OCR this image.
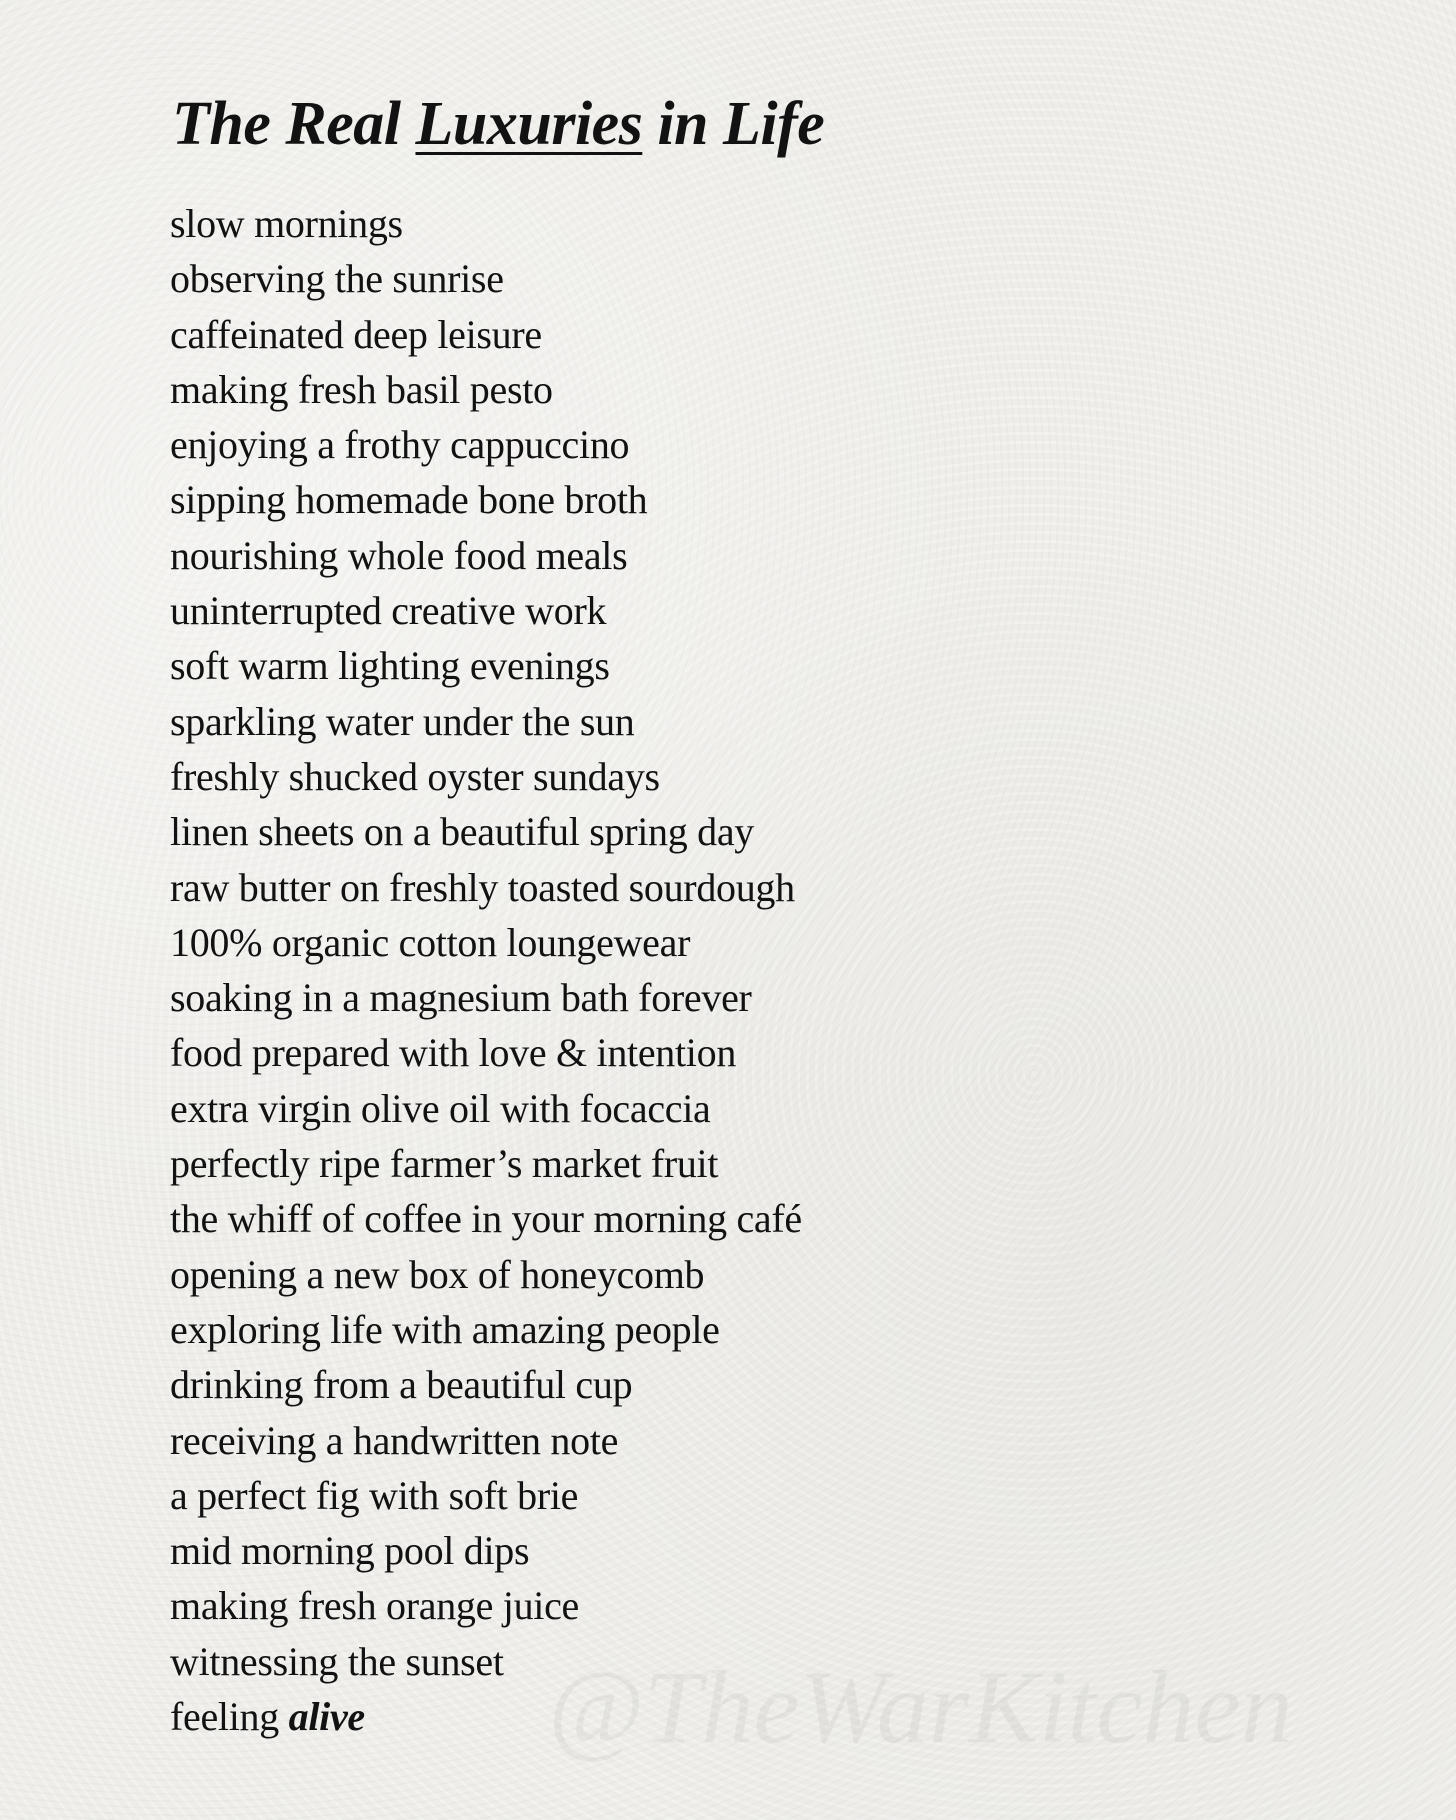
The Real Luxuries in Life
slow mornings
observing the sunrise
caffeinated deep leisure
making fresh basil pesto
enjoying a frothy cappuccino
sipping homemade bone broth
nourishing whole food meals
uninterrupted creative work
soft warm lighting evenings
sparkling water under the sun
freshly shucked oyster sundays
linen sheets on a beautiful spring day
raw butter on freshly toasted sourdough
100% organic cotton loungewear
soaking in a magnesium bath forever
food prepared with love & intention
extra virgin olive oil with focaccia
perfectly ripe farmer’s market fruit
the whiff of coffee in your morning café
opening a new box of honeycomb
exploring life with amazing people
drinking from a beautiful cup
receiving a handwritten note
a perfect fig with soft brie
mid morning pool dips
making fresh orange juice
witnessing the sunset
feeling alive	@TheWarKitchen
